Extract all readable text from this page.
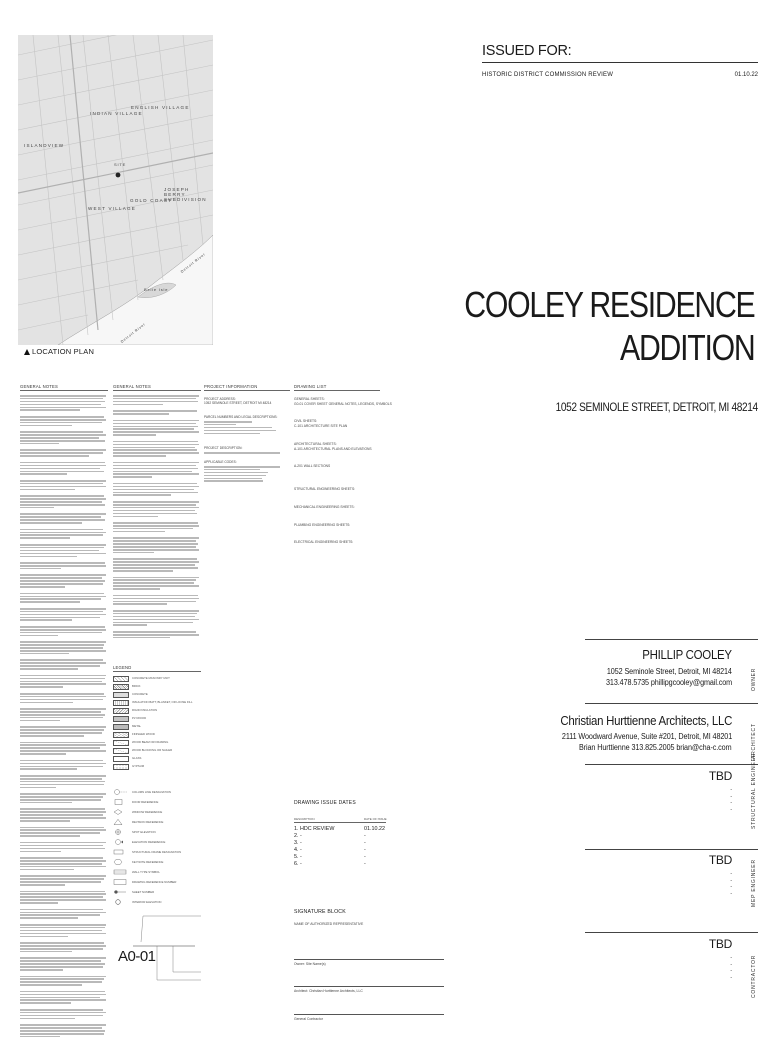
INDIAN VILLAGE
ENGLISH VILLAGE
ISLANDVIEW
WEST VILLAGE
GOLD COAST
JOSEPH BERRY SUBDIVISION
SITE
Detroit River
Belle Isle
Detroit River
LOCATION PLAN
ISSUED FOR:
HISTORIC DISTRICT COMMISSION REVIEW	01.10.22
COOLEY RESIDENCE
ADDITION
1052 SEMINOLE STREET, DETROIT, MI 48214
GENERAL NOTES	GENERAL NOTES	PROJECT INFORMATION	DRAWING LIST
LEGEND
CONCRETE MASONRY UNIT
BRICK
CONCRETE
INSULATION BATT, BLANKET, OR LOOSE FILL
RIGID INSULATION
PLYWOOD
METAL
FINISHED WOOD
WOOD BEAM OR FRAMING
WOOD BLOCKING OR NAILER
GLASS
GYPSUM
COLUMN LINE DESIGNATION
DOOR REFERENCE
WINDOW REFERENCE
REVISION REFERENCE
SPOT ELEVATION
ELEVATION REFERENCE
STRUCTURAL FRAME DESIGNATION
KEYNOTE REFERENCE
WALL TYPE SYMBOL
DRAWING REFERENCE NUMBER
SHEET NUMBER
INTERIOR ELEVATION
A0-01
PROJECT ADDRESS:
1052 SEMINOLE STREET, DETROIT MI 48214
PARCEL NUMBERS AND LEGAL DESCRIPTIONS:
PROJECT DESCRIPTION:
APPLICABLE CODES:
GENERAL SHEETS:
G0-01 COVER SHEET GENERAL NOTES, LEGENDS, SYMBOLS
CIVIL SHEETS:
C-101 ARCHITECTURE SITE PLAN
ARCHITECTURAL SHEETS:
A-101 ARCHITECTURAL PLANS AND ELEVATIONS
A-201 WALL SECTIONS
STRUCTURAL ENGINEERING SHEETS:
MECHANICAL ENGINEERING SHEETS:
PLUMBING ENGINEERING SHEETS:
ELECTRICAL ENGINEERING SHEETS:
PHILLIP COOLEY
1052 Seminole Street, Detroit, MI 48214
313.478.5735 phillipgcooley@gmail.com	OWNER
Christian Hurttienne Architects, LLC
2111 Woodward Avenue, Suite #201, Detroit, MI 48201
Brian Hurttienne 313.825.2005 brian@cha-c.com	ARCHITECT
TBD
-
-
-
-	STRUCTURAL ENGINEER
TBD
-
-
-
-	MEP ENGINEER
TBD
-
-
-
-	CONTRACTOR
DRAWING ISSUE DATES
DESCRIPTION	DATE OF ISSUE
1. HDC REVIEW	01.10.22
2. -	-
3. -	-
4. -	-
5. -	-
6. -	-
SIGNATURE BLOCK
NAME OF AUTHORIZED REPRESENTATIVE
Owner: Site Name(s)
Architect: Christian Hurttienne Architects, LLC
General Contractor
